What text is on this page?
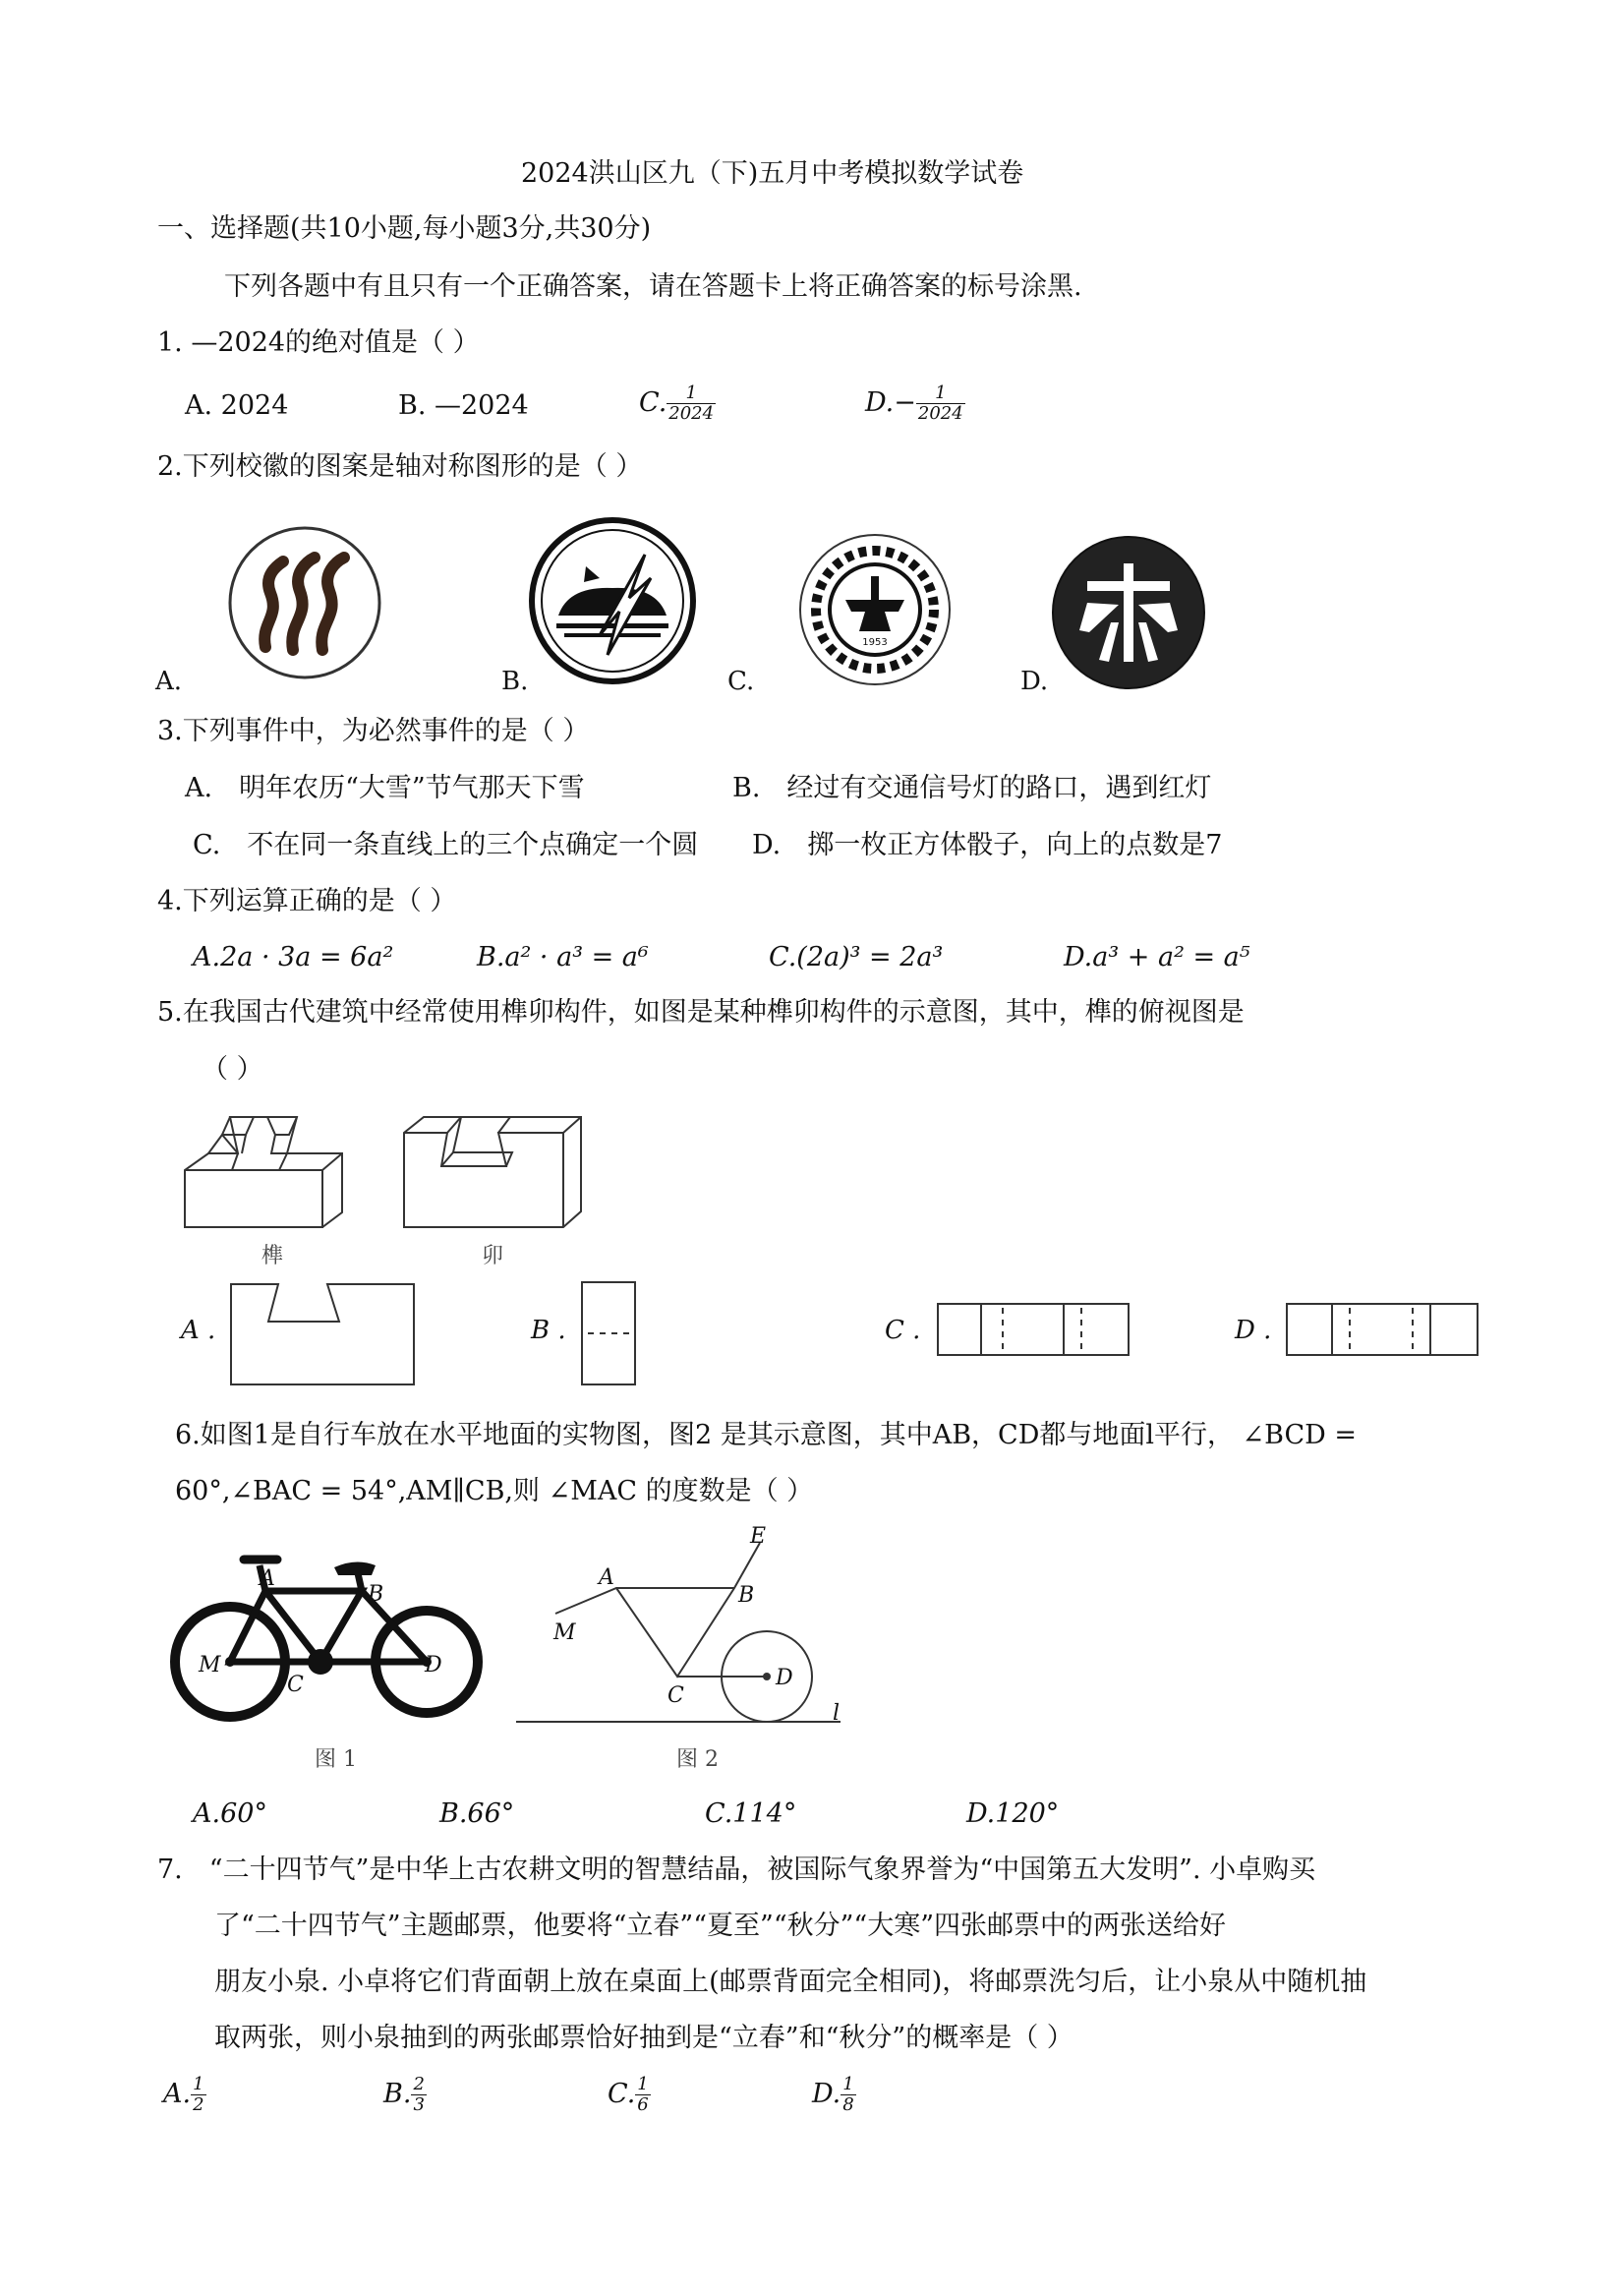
2024洪山区九（下)五月中考模拟数学试卷
一、选择题(共10小题,每小题3分,共30分)
下列各题中有且只有一个正确答案，请在答题卡上将正确答案的标号涂黑.
1. —2024的绝对值是（ ）
A. 2024	B. —2024	C. $\frac{1}{2024}$	$D.- \frac{1}{2024}$
2.下列校徽的图案是轴对称图形的是（ ）
A.	B.
1953
C.	D.
3.下列事件中，为必然事件的是（ ）
A.　明年农历“大雪”节气那天下雪	B.　经过有交通信号灯的路口，遇到红灯
C.　不在同一条直线上的三个点确定一个圆 D.　掷一枚正方体骰子，向上的点数是7
4.下列运算正确的是（ ）
A.2a · 3a = 6a²	B.a² · a³ = a⁶	C.(2a)³ = 2a³	D.a³ + a² = a⁵
5.在我国古代建筑中经常使用榫卯构件，如图是某种榫卯构件的示意图，其中，榫的俯视图是
（ ）
榫	卯
A .	B .	C .	D .
6.如图1是自行车放在水平地面的实物图，图2 是其示意图，其中AB，CD都与地面l平行， ∠BCD =
60°,∠BAC = 54°,AM∥CB,则 ∠MAC 的度数是（ ）
A
B
M
C
D
图 1
A
B
E
M
C
D
l
图 2
A.60°	B.66°	C.114°	D.120°
7.　“二十四节气”是中华上古农耕文明的智慧结晶，被国际气象界誉为“中国第五大发明”. 小卓购买
了“二十四节气”主题邮票，他要将“立春”“夏至”“秋分”“大寒”四张邮票中的两张送给好
朋友小泉. 小卓将它们背面朝上放在桌面上(邮票背面完全相同)，将邮票洗匀后，让小泉从中随机抽
取两张，则小泉抽到的两张邮票恰好抽到是“立春”和“秋分”的概率是（ ）
A. $\frac{1}{2}$	B. $\frac{2}{3}$	C. $\frac{1}{6}$	D. $\frac{1}{8}$
